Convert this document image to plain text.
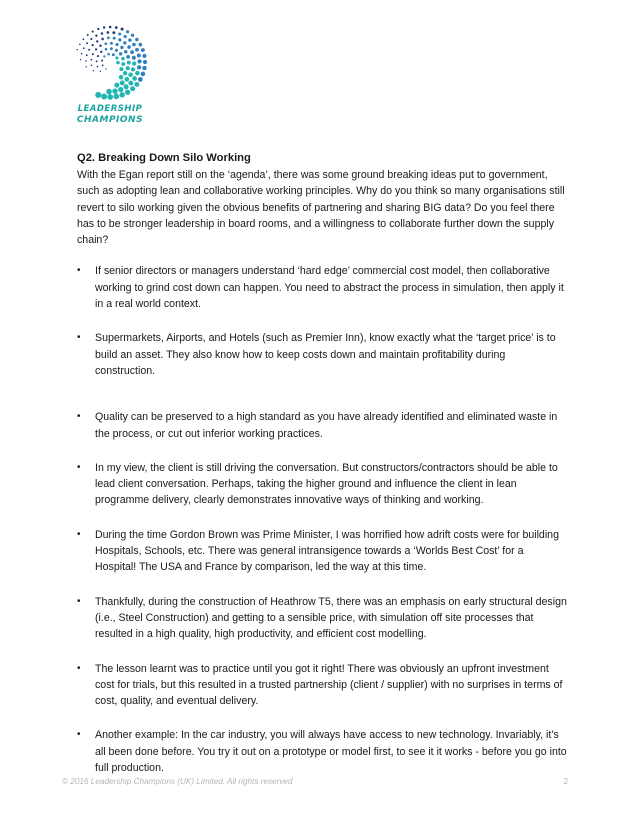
LEADERSHIP
CHAMPIONS
Q2. Breaking Down Silo Working

With the Egan report still on the ‘agenda’, there was some ground breaking ideas put to government, such as adopting lean and collaborative working principles. Why do you think so many organisations still revert to silo working given the obvious benefits of partnering and sharing BIG data? Do you feel there has to be stronger leadership in board rooms, and a willingness to collaborate further down the supply chain?

• If senior directors or managers understand ‘hard edge’ commercial cost model, then collaborative working to grind cost down can happen. You need to abstract the process in simulation, then apply it in a real world context.
• Supermarkets, Airports, and Hotels (such as Premier Inn), know exactly what the ‘target price’ is to build an asset. They also know how to keep costs down and maintain profitability during construction.
• Quality can be preserved to a high standard as you have already identified and eliminated waste in the process, or cut out inferior working practices.
• In my view, the client is still driving the conversation. But constructors/contractors should be able to lead client conversation. Perhaps, taking the higher ground and influence the client in lean programme delivery, clearly demonstrates innovative ways of thinking and working.
• During the time Gordon Brown was Prime Minister, I was horrified how adrift costs were for building Hospitals, Schools, etc. There was general intransigence towards a ‘Worlds Best Cost’ for a Hospital! The USA and France by comparison, led the way at this time.
• Thankfully, during the construction of Heathrow T5, there was an emphasis on early structural design (i.e., Steel Construction) and getting to a sensible price, with simulation off site processes that resulted in a high quality, high productivity, and efficient cost modelling.
• The lesson learnt was to practice until you got it right! There was obviously an upfront investment cost for trials, but this resulted in a trusted partnership (client / supplier) with no surprises in terms of cost, quality, and eventual delivery.
• Another example: In the car industry, you will always have access to new technology. Invariably, it’s all been done before. You try it out on a prototype or model first, to see it it works - before you go into full production.
© 2016 Leadership Champions (UK) Limited. All rights reserved	2
